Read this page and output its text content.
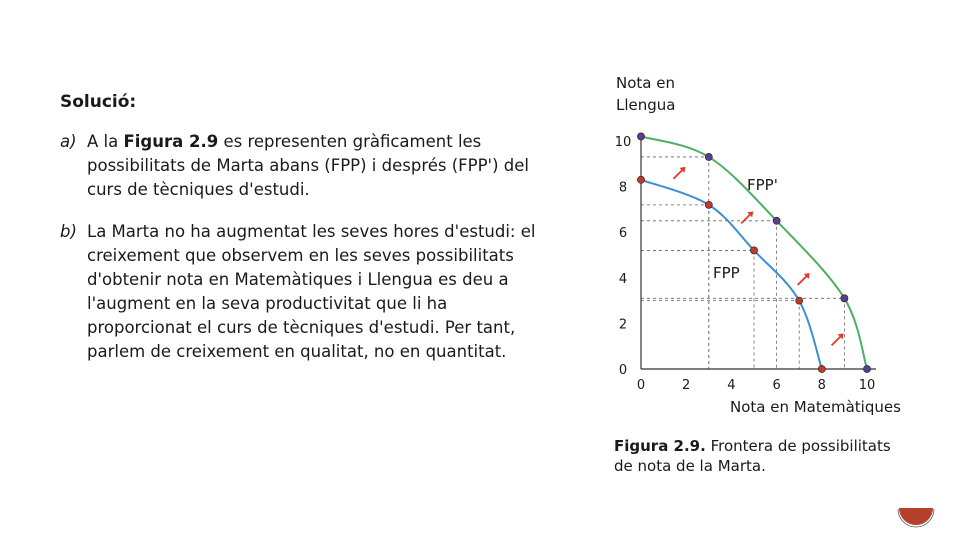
Solució:
a) A la Figura 2.9 es representen gràficament les possibilitats de Marta abans (FPP) i després (FPP') del curs de tècniques d'estudi.
b) La Marta no ha augmentat les seves hores d'estudi: el creixement que observem en les seves possibilitats d'obtenir nota en Matemàtiques i Llengua es deu a l'augment en la seva productivitat que li ha proporcionat el curs de tècniques d'estudi. Per tant, parlem de creixement en qualitat, no en quantitat.
Nota en
Llengua
Nota en Matemàtiques
0	2	4	6	8	10
0
2
4
6
8
10
FPP'
FPP
Figura 2.9. Frontera de possibilitats de nota de la Marta.
